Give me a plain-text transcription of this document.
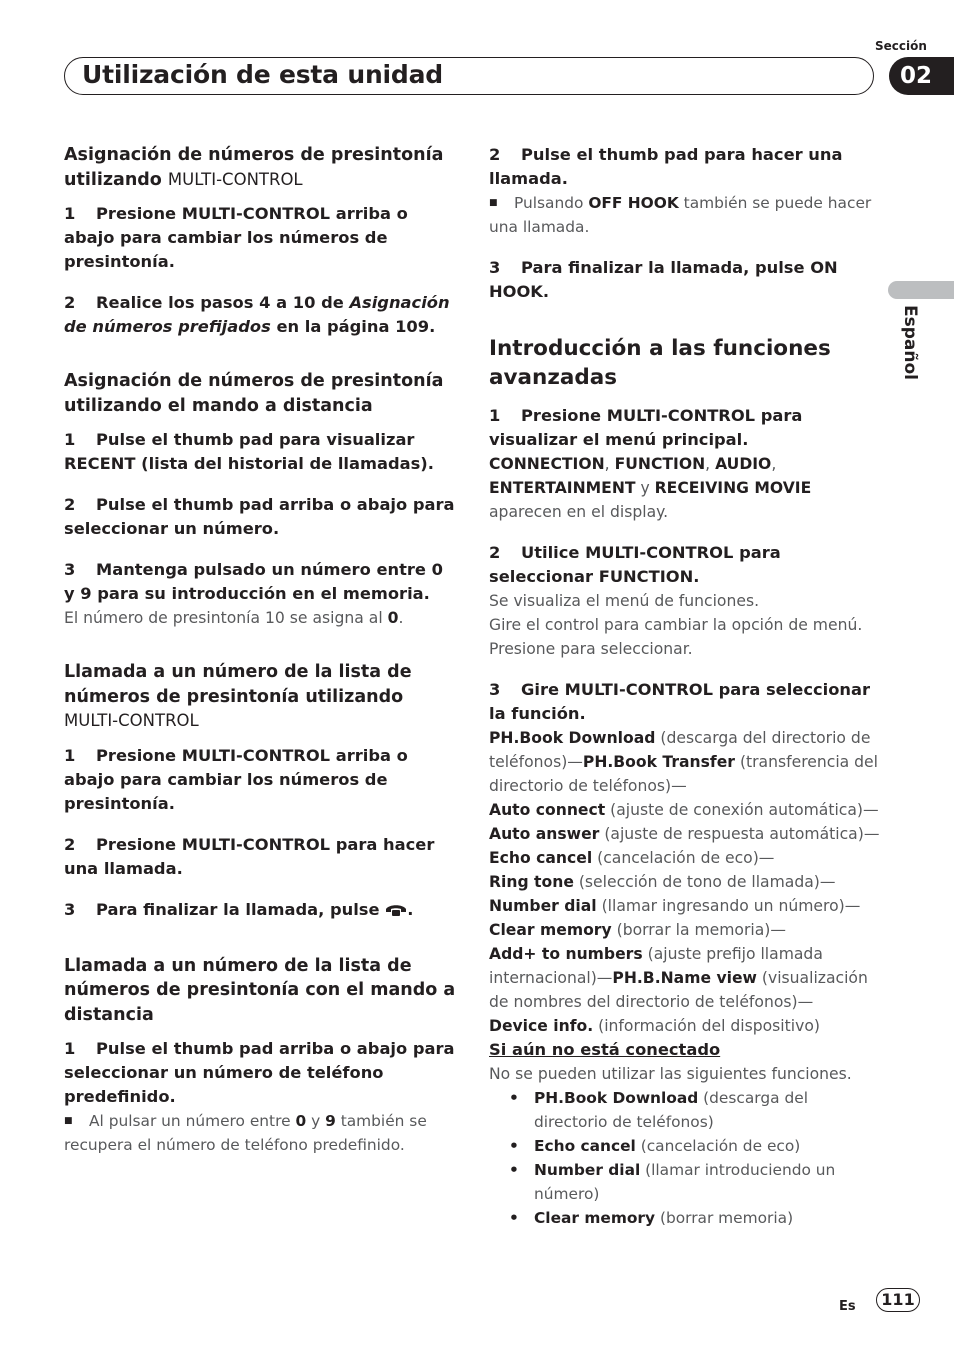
Utilización de esta unidad
Sección
02
Español

Asignación de números de presintonía utilizando MULTI-CONTROL

1 Presione MULTI-CONTROL arriba o abajo para cambiar los números de presintonía.

2 Realice los pasos 4 a 10 de Asignación de números prefijados en la página 109.

Asignación de números de presintonía utilizando el mando a distancia

1 Pulse el thumb pad para visualizar RECENT (lista del historial de llamadas).

2 Pulse el thumb pad arriba o abajo para seleccionar un número.

3 Mantenga pulsado un número entre 0 y 9 para su introducción en el memoria.

El número de presintonía 10 se asigna al 0.

Llamada a un número de la lista de números de presintonía utilizando
MULTI-CONTROL

1 Presione MULTI-CONTROL arriba o abajo para cambiar los números de presintonía.

2 Presione MULTI-CONTROL para hacer una llamada.

3 Para finalizar la llamada, pulse .

Llamada a un número de la lista de números de presintonía con el mando a distancia

1 Pulse el thumb pad arriba o abajo para seleccionar un número de teléfono predefinido.

■ Al pulsar un número entre 0 y 9 también se recupera el número de teléfono predefinido.

2 Pulse el thumb pad para hacer una llamada.

■ Pulsando OFF HOOK también se puede hacer una llamada.

3 Para finalizar la llamada, pulse ON HOOK.

Introducción a las funciones avanzadas

1 Presione MULTI-CONTROL para visualizar el menú principal.

CONNECTION, FUNCTION, AUDIO, ENTERTAINMENT y RECEIVING MOVIE aparecen en el display.

2 Utilice MULTI-CONTROL para seleccionar FUNCTION.

Se visualiza el menú de funciones.

Gire el control para cambiar la opción de menú. Presione para seleccionar.

3 Gire MULTI-CONTROL para seleccionar la función.

PH.Book Download (descarga del directorio de teléfonos)—PH.Book Transfer (transferencia del directorio de teléfonos)—
Auto connect (ajuste de conexión automática)—Auto answer (ajuste de respuesta automática)—Echo cancel (cancelación de eco)—
Ring tone (selección de tono de llamada)—
Number dial (llamar ingresando un número)—Clear memory (borrar la memoria)—
Add+ to numbers (ajuste prefijo llamada internacional)—PH.B.Name view (visualización de nombres del directorio de teléfonos)—
Device info. (información del dispositivo)

Si aún no está conectado

No se pueden utilizar las siguientes funciones.

• PH.Book Download (descarga del directorio de teléfonos)
• Echo cancel (cancelación de eco)
• Number dial (llamar introduciendo un número)
• Clear memory (borrar memoria)
Es	111
